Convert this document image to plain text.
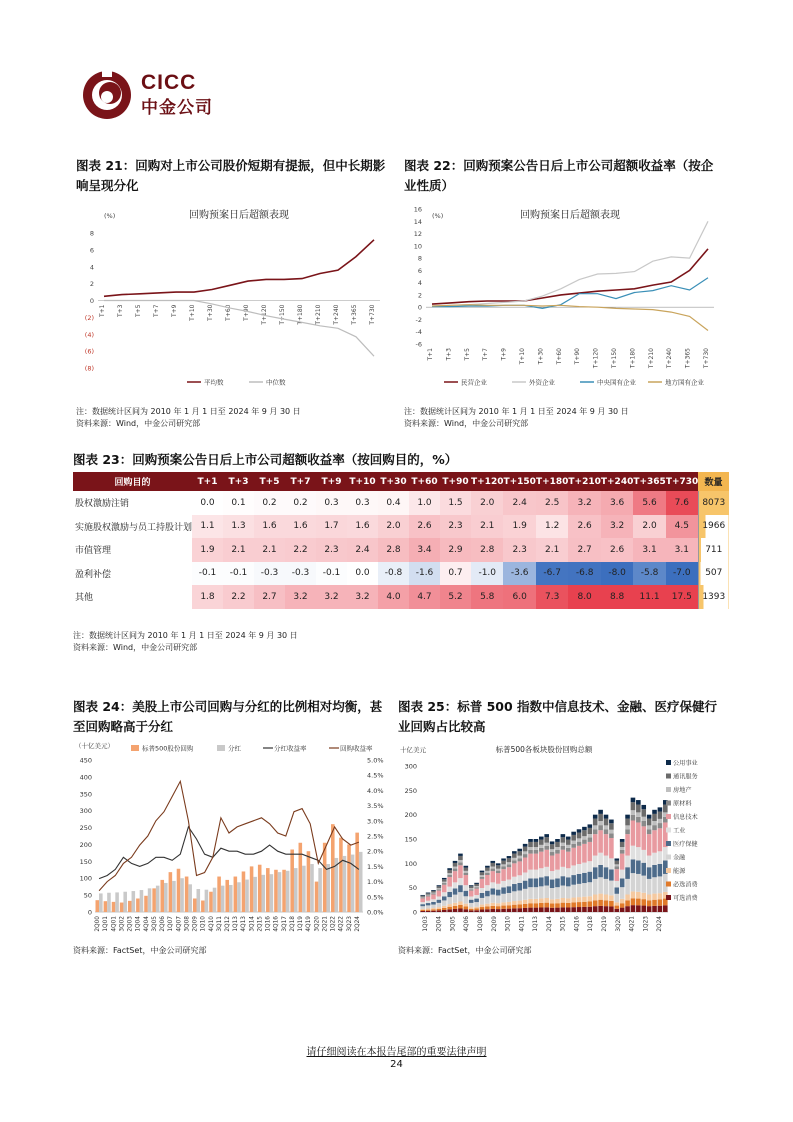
CICC
中金公司
图表 21：回购对上市公司股价短期有提振，但中长期影
响呈现分化
图表 22：回购预案公告日后上市公司超额收益率（按企
业性质）
回购预案日后超额表现
(%)
8
6
4
2
0
(2)
(4)
(6)
(8)
T+1 T+3 T+5 T+7 T+9 T+10 T+30 T+60 T+90 T+120 T+150 T+180 T+210 T+240 T+365 T+730
平均数	中位数
回购预案日后超额表现
(%)
16
14
12
10
8
6
4
2
0
-2
-4
-6
T+1 T+3 T+5 T+7 T+9 T+10 T+30 T+60 T+90 T+120 T+150 T+180 T+210 T+240 T+365 T+730
民营企业	外资企业	中央国有企业	地方国有企业
注：数据统计区间为 2010 年 1 月 1 日至 2024 年 9 月 30 日
资料来源：Wind，中金公司研究部
注：数据统计区间为 2010 年 1 月 1 日至 2024 年 9 月 30 日
资料来源：Wind，中金公司研究部
图表 23：回购预案公告日后上市公司超额收益率（按回购目的，%）
回购目的	T+1	T+3	T+5	T+7	T+9	T+10	T+30	T+60	T+90	T+120	T+150	T+180	T+210	T+240	T+365	T+730	数量
股权激励注销	0.0	0.1	0.2	0.2	0.3	0.3	0.4	1.0	1.5	2.0	2.4	2.5	3.2	3.6	5.6	7.6	8073
实施股权激励与员工持股计划	1.1	1.3	1.6	1.6	1.7	1.6	2.0	2.6	2.3	2.1	1.9	1.2	2.6	3.2	2.0	4.5	1966
市值管理	1.9	2.1	2.1	2.2	2.3	2.4	2.8	3.4	2.9	2.8	2.3	2.1	2.7	2.6	3.1	3.1	711
盈利补偿	-0.1	-0.1	-0.3	-0.3	-0.1	0.0	-0.8	-1.6	0.7	-1.0	-3.6	-6.7	-6.8	-8.0	-5.8	-7.0	507
其他	1.8	2.2	2.7	3.2	3.2	3.2	4.0	4.7	5.2	5.8	6.0	7.3	8.0	8.8	11.1	17.5	1393
注：数据统计区间为 2010 年 1 月 1 日至 2024 年 9 月 30 日
资料来源：Wind，中金公司研究部
图表 24：美股上市公司回购与分红的比例相对均衡，甚
至回购略高于分红
图表 25：标普 500 指数中信息技术、金融、医疗保健行
业回购占比较高
（十亿美元）
450
400
350
300
250
200
150
100
50
0
5.0%
4.5%
4.0%
3.5%
3.0%
2.5%
2.0%
1.5%
1.0%
0.5%
0.0%
2Q00 1Q01 4Q01 3Q02 2Q03 1Q04 4Q04 3Q05 2Q06 1Q07 4Q07 3Q08 2Q09 1Q10 4Q10 3Q11 2Q12 1Q13 4Q13 3Q14 2Q15 1Q16 4Q16 3Q17 2Q18 1Q19 4Q19 3Q20 2Q21 1Q22 4Q22 3Q23 2Q24
标普500股份回购	分红	分红收益率	回购收益率	十亿美元	标普500各板块股份回购总额
300
250
200
150
100
50
0
1Q03 2Q04 3Q05 4Q06 1Q08 2Q09 3Q10 4Q11 1Q13 2Q14 3Q15 4Q16 1Q18 2Q19 3Q20 4Q21 1Q23 2Q24
公用事业
通讯服务
房地产
原材料
信息技术
工业
医疗保健
金融
能源
必选消费
可选消费
资料来源：FactSet，中金公司研究部	资料来源：FactSet，中金公司研究部
请仔细阅读在本报告尾部的重要法律声明
24
